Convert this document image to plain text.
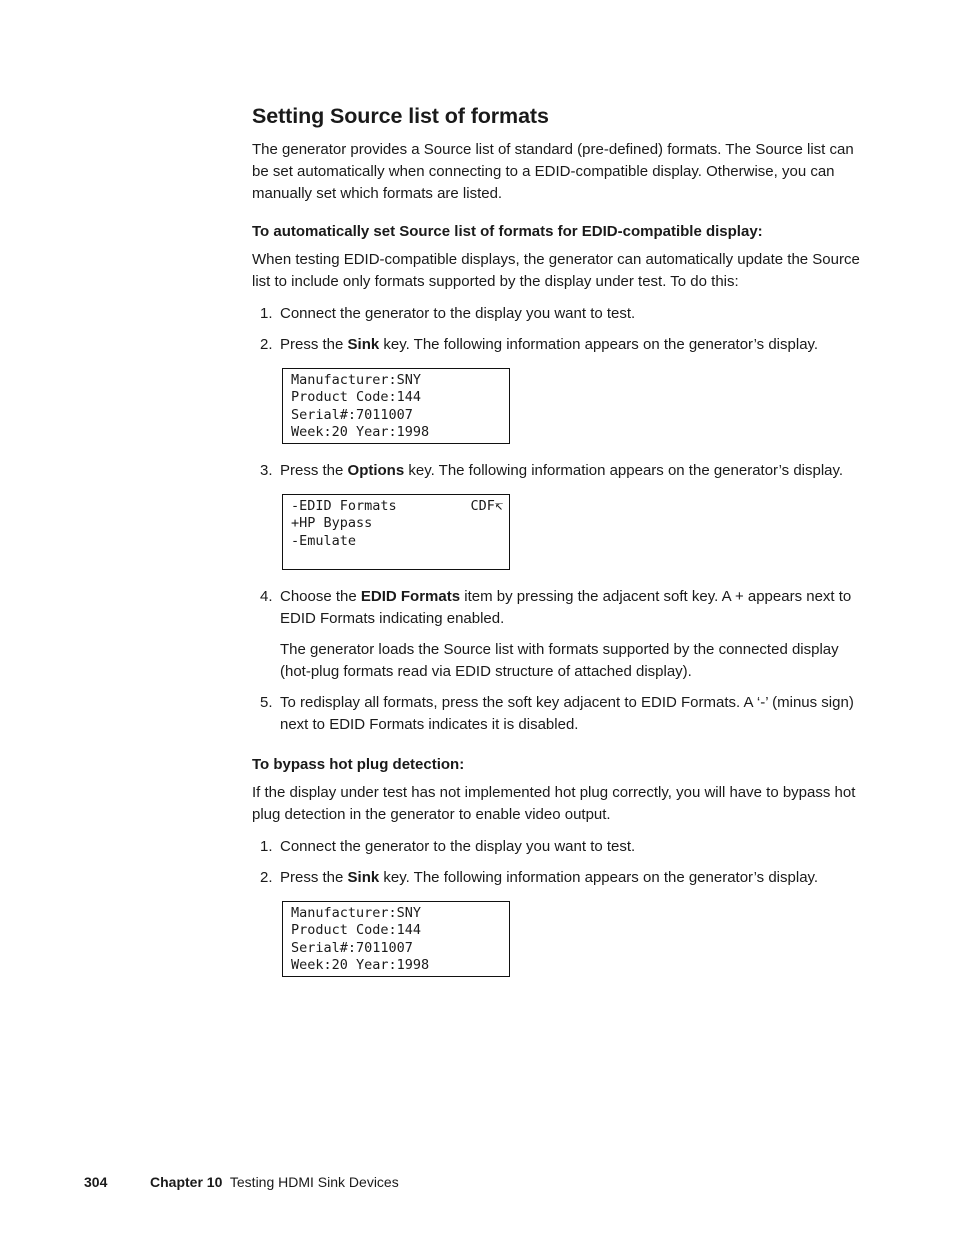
Setting Source list of formats

The generator provides a Source list of standard (pre-defined) formats. The Source list can be set automatically when connecting to a EDID-compatible display. Otherwise, you can manually set which formats are listed.

To automatically set Source list of formats for EDID-compatible display:

When testing EDID-compatible displays, the generator can automatically update the Source list to include only formats supported by the display under test. To do this:

1. Connect the generator to the display you want to test.

2. Press the Sink key. The following information appears on the generator’s display.

Manufacturer:SNY
Product Code:144
Serial#:7011007
Week:20 Year:1998
3. Press the Options key. The following information appears on the generator’s display.

-EDID Formats
+HP Bypass
-Emulate
CDF↸
4. Choose the EDID Formats item by pressing the adjacent soft key. A + appears next to EDID Formats indicating enabled.

The generator loads the Source list with formats supported by the connected display (hot-plug formats read via EDID structure of attached display).

5. To redisplay all formats, press the soft key adjacent to EDID Formats. A ‘-’ (minus sign) next to EDID Formats indicates it is disabled.

To bypass hot plug detection:

If the display under test has not implemented hot plug correctly, you will have to bypass hot plug detection in the generator to enable video output.

1. Connect the generator to the display you want to test.

2. Press the Sink key. The following information appears on the generator’s display.

Manufacturer:SNY
Product Code:144
Serial#:7011007
Week:20 Year:1998
304	Chapter 10 Testing HDMI Sink Devices
